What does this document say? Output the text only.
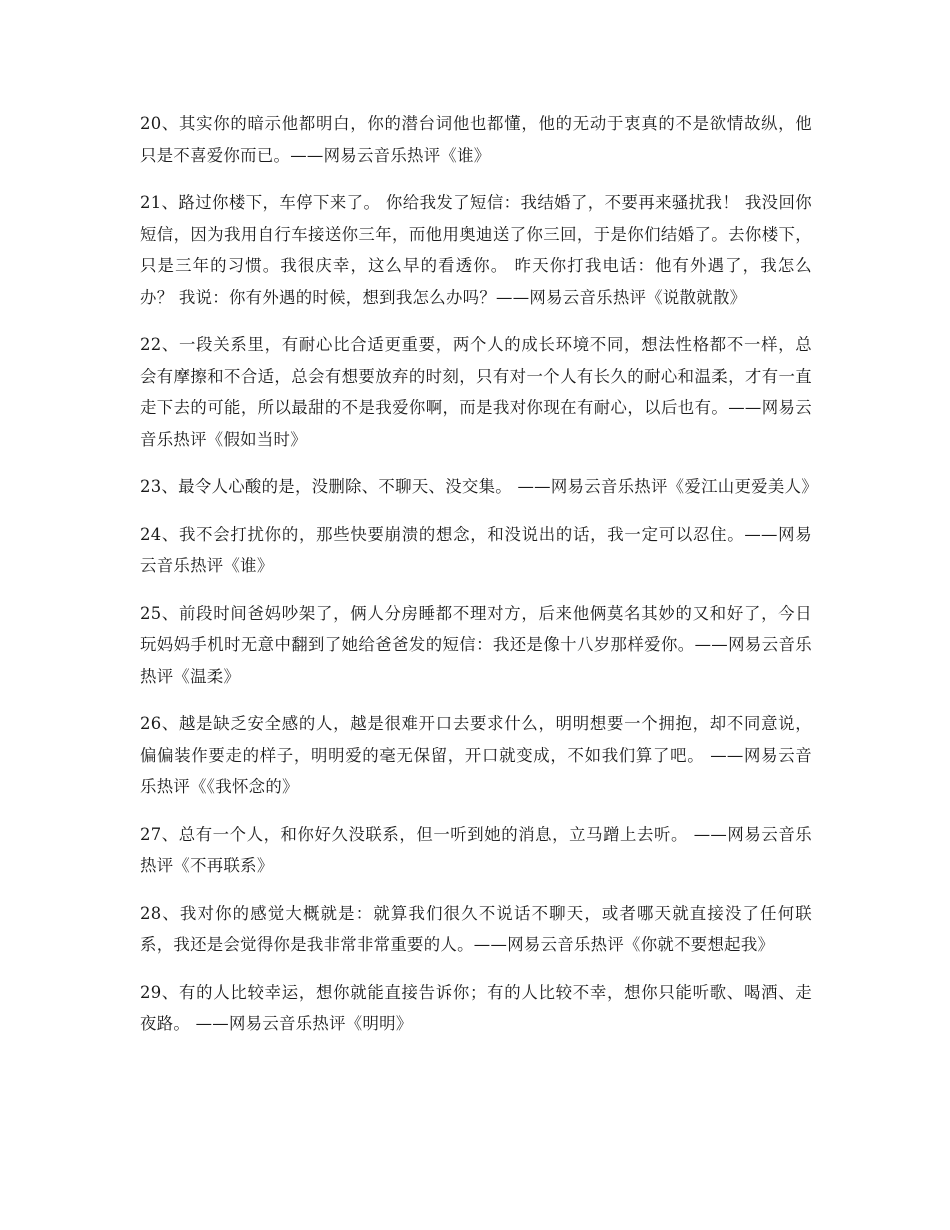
20、其实你的暗示他都明白，你的潜台词他也都懂，他的无动于衷真的不是欲情故纵，他只是不喜爱你而已。——网易云音乐热评《谁》

21、路过你楼下，车停下来了。 你给我发了短信：我结婚了，不要再来骚扰我！ 我没回你短信，因为我用自行车接送你三年，而他用奥迪送了你三回，于是你们结婚了。去你楼下，只是三年的习惯。我很庆幸，这么早的看透你。 昨天你打我电话：他有外遇了，我怎么办？ 我说：你有外遇的时候，想到我怎么办吗？——网易云音乐热评《说散就散》

22、一段关系里，有耐心比合适更重要，两个人的成长环境不同，想法性格都不一样，总会有摩擦和不合适，总会有想要放弃的时刻，只有对一个人有长久的耐心和温柔，才有一直走下去的可能，所以最甜的不是我爱你啊，而是我对你现在有耐心，以后也有。——网易云音乐热评《假如当时》

23、最令人心酸的是，没删除、不聊天、没交集。 ——网易云音乐热评《爱江山更爱美人》

24、我不会打扰你的，那些快要崩溃的想念，和没说出的话，我一定可以忍住。——网易云音乐热评《谁》

25、前段时间爸妈吵架了，俩人分房睡都不理对方，后来他俩莫名其妙的又和好了，今日玩妈妈手机时无意中翻到了她给爸爸发的短信：我还是像十八岁那样爱你。——网易云音乐热评《温柔》

26、越是缺乏安全感的人，越是很难开口去要求什么，明明想要一个拥抱，却不同意说，偏偏装作要走的样子，明明爱的毫无保留，开口就变成，不如我们算了吧。 ——网易云音乐热评《《我怀念的》

27、总有一个人，和你好久没联系，但一听到她的消息，立马蹭上去听。 ——网易云音乐热评《不再联系》

28、我对你的感觉大概就是：就算我们很久不说话不聊天，或者哪天就直接没了任何联系，我还是会觉得你是我非常非常重要的人。——网易云音乐热评《你就不要想起我》

29、有的人比较幸运，想你就能直接告诉你；有的人比较不幸，想你只能听歌、喝酒、走夜路。 ——网易云音乐热评《明明》
